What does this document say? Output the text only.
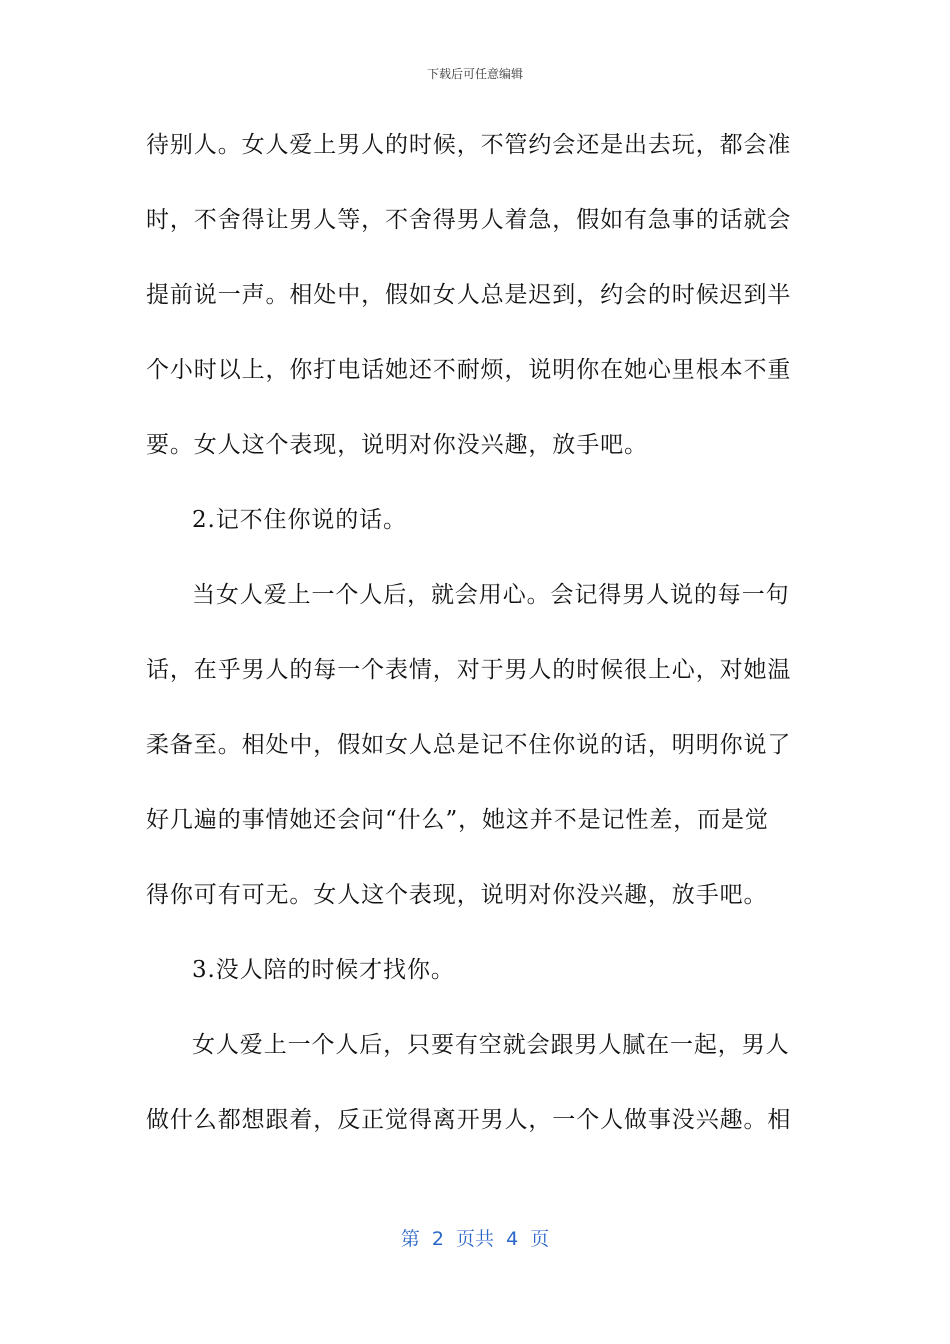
下载后可任意编辑
待别人。女人爱上男人的时候，不管约会还是出去玩，都会准
时，不舍得让男人等，不舍得男人着急，假如有急事的话就会
提前说一声。相处中，假如女人总是迟到，约会的时候迟到半
个小时以上，你打电话她还不耐烦，说明你在她心里根本不重
要。女人这个表现，说明对你没兴趣，放手吧。
2.记不住你说的话。
当女人爱上一个人后，就会用心。会记得男人说的每一句
话，在乎男人的每一个表情，对于男人的时候很上心，对她温
柔备至。相处中，假如女人总是记不住你说的话，明明你说了
好几遍的事情她还会问“什么”，她这并不是记性差，而是觉
得你可有可无。女人这个表现，说明对你没兴趣，放手吧。
3.没人陪的时候才找你。
女人爱上一个人后，只要有空就会跟男人腻在一起，男人
做什么都想跟着，反正觉得离开男人，一个人做事没兴趣。相
第  2  页共  4  页
